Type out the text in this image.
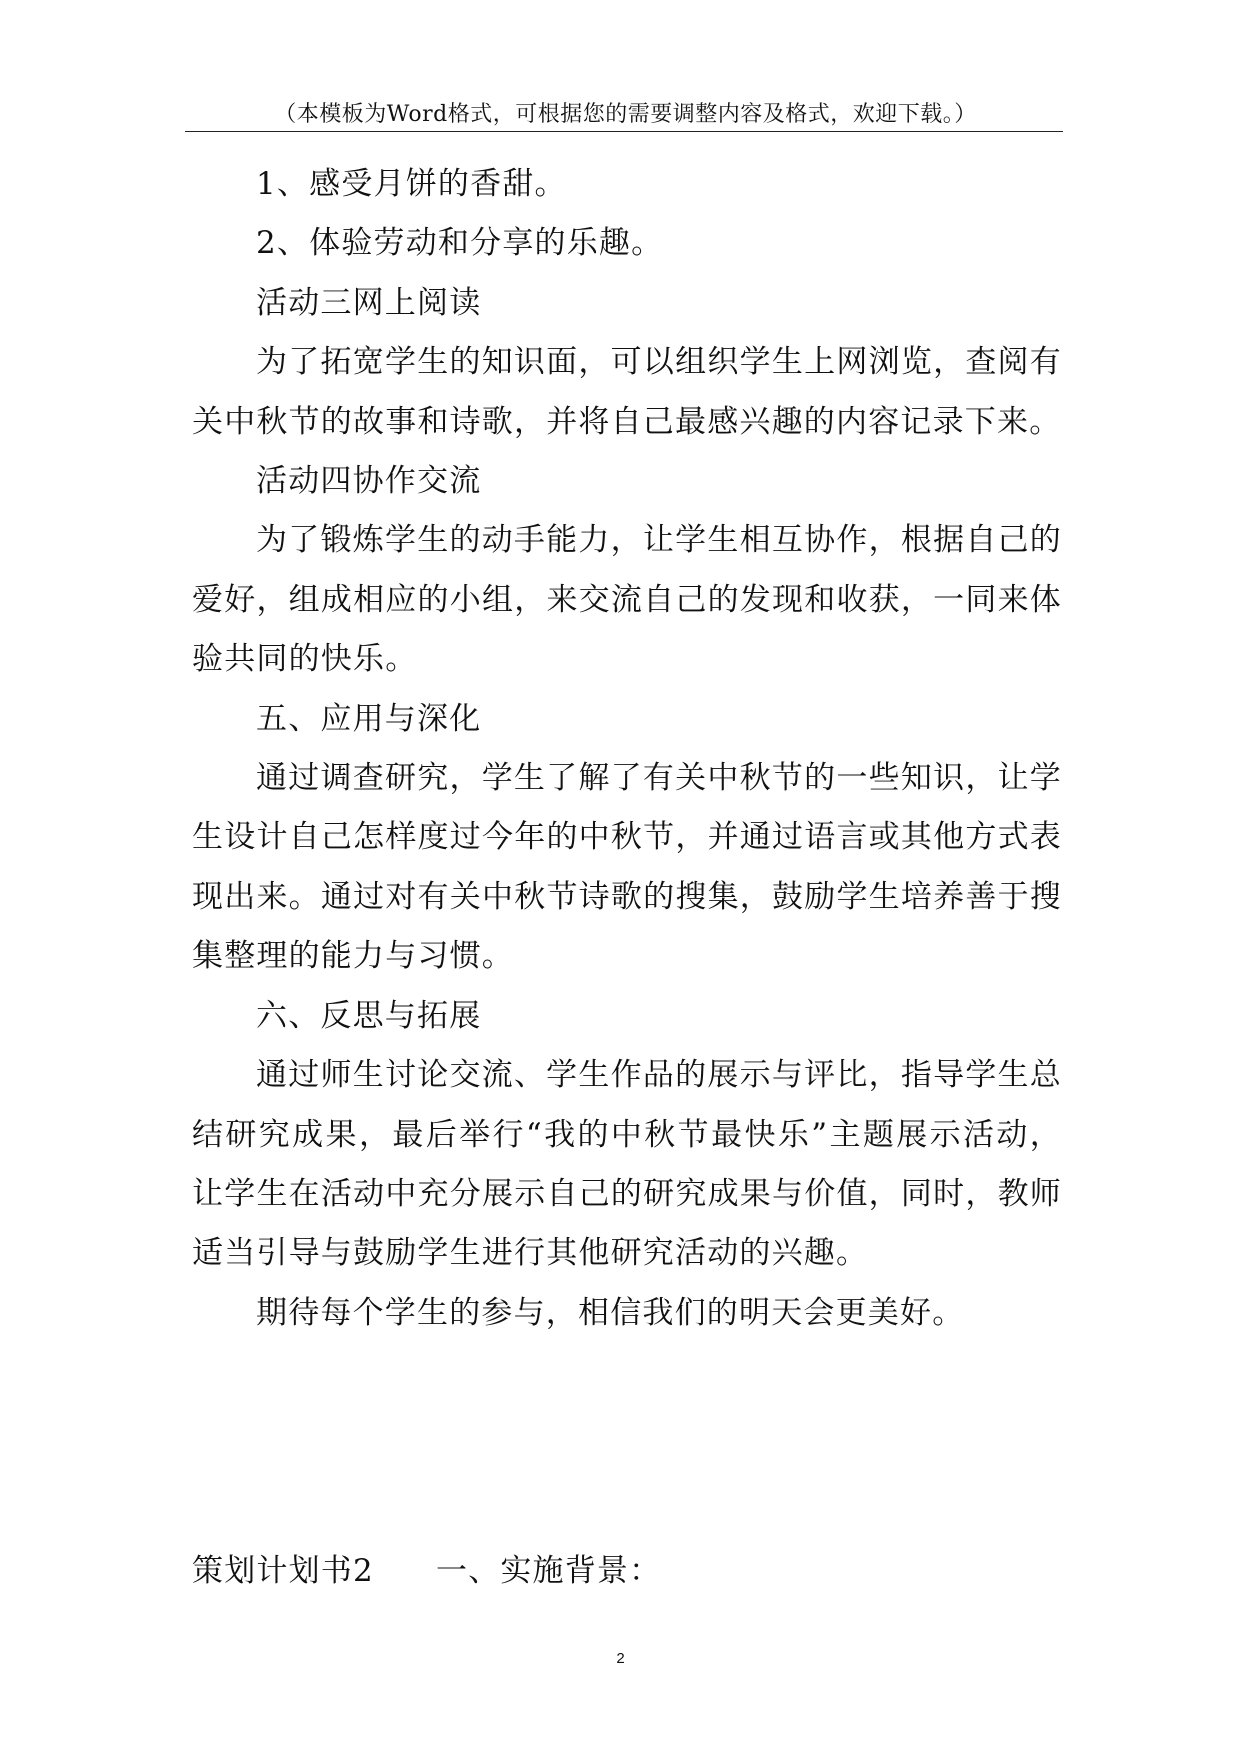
（本模板为Word格式，可根据您的需要调整内容及格式，欢迎下载。）

1、感受月饼的香甜。

2、体验劳动和分享的乐趣。

活动三网上阅读

为了拓宽学生的知识面，可以组织学生上网浏览，查阅有关中秋节的故事和诗歌，并将自己最感兴趣的内容记录下来。

活动四协作交流

为了锻炼学生的动手能力，让学生相互协作，根据自己的爱好，组成相应的小组，来交流自己的发现和收获，一同来体验共同的快乐。

五、应用与深化

通过调查研究，学生了解了有关中秋节的一些知识，让学生设计自己怎样度过今年的中秋节，并通过语言或其他方式表现出来。通过对有关中秋节诗歌的搜集，鼓励学生培养善于搜集整理的能力与习惯。

六、反思与拓展

通过师生讨论交流、学生作品的展示与评比，指导学生总结研究成果，最后举行“我的中秋节最快乐”主题展示活动，让学生在活动中充分展示自己的研究成果与价值，同时，教师适当引导与鼓励学生进行其他研究活动的兴趣。

期待每个学生的参与，相信我们的明天会更美好。

策划计划书2 一、实施背景：
2
